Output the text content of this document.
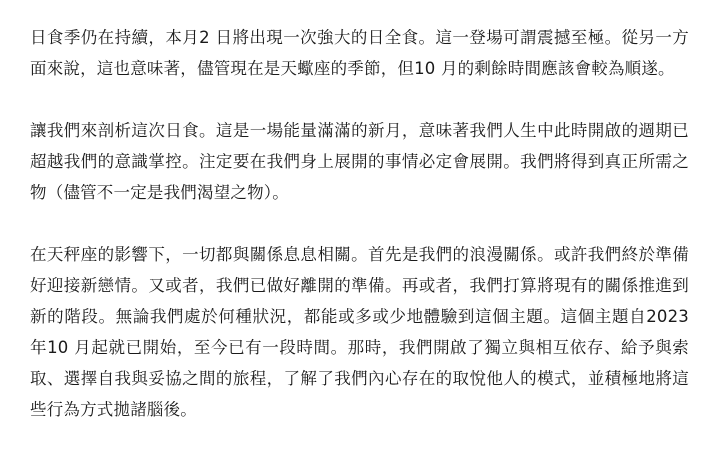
日食季仍在持續，本月2 日將出現一次強大的日全食。這一登場可謂震撼至極。從另一方面來說，這也意味著，儘管現在是天蠍座的季節，但10 月的剩餘時間應該會較為順遂。

讓我們來剖析這次日食。這是一場能量滿滿的新月，意味著我們人生中此時開啟的週期已超越我們的意識掌控。注定要在我們身上展開的事情必定會展開。我們將得到真正所需之物（儘管不一定是我們渴望之物）。

在天秤座的影響下，一切都與關係息息相關。首先是我們的浪漫關係。或許我們終於準備好迎接新戀情。又或者，我們已做好離開的準備。再或者，我們打算將現有的關係推進到新的階段。無論我們處於何種狀況，都能或多或少地體驗到這個主題。這個主題自2023 年10 月起就已開始，至今已有一段時間。那時，我們開啟了獨立與相互依存、給予與索取、選擇自我與妥協之間的旅程，了解了我們內心存在的取悅他人的模式，並積極地將這些行為方式拋諸腦後。
